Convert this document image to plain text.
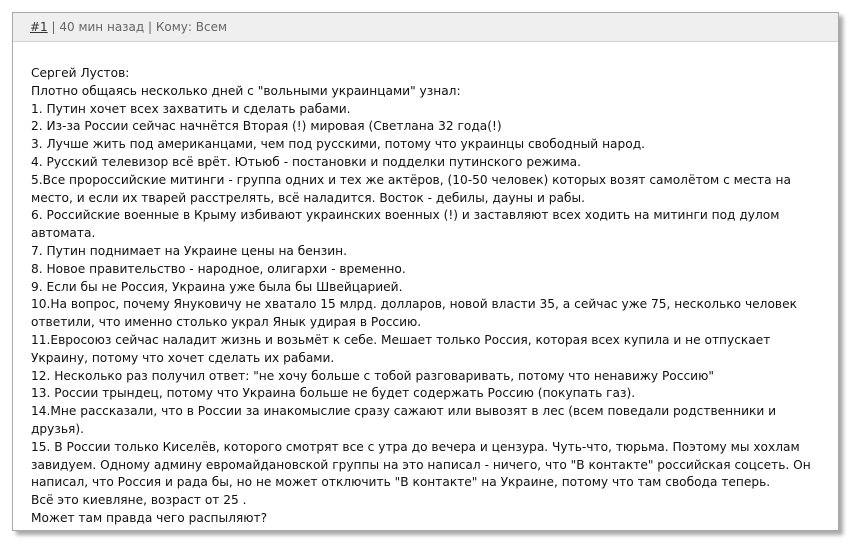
#1 | 40 мин назад | Кому: Всем
Сергей Лустов:
Плотно общаясь несколько дней с "вольными украинцами" узнал:
1. Путин хочет всех захватить и сделать рабами.
2. Из-за России сейчас начнётся Вторая (!) мировая (Светлана 32 года(!)
3. Лучше жить под американцами, чем под русскими, потому что украинцы свободный народ.
4. Русский телевизор всё врёт. Ютьюб - постановки и подделки путинского режима.
5.Все пророссийские митинги - группа одних и тех же актёров, (10-50 человек) которых возят самолётом с места на место, и если их тварей расстрелять, всё наладится. Восток - дебилы, дауны и рабы.
6. Российские военные в Крыму избивают украинских военных (!) и заставляют всех ходить на митинги под дулом автомата.
7. Путин поднимает на Украине цены на бензин.
8. Новое правительство - народное, олигархи - временно.
9. Если бы не Россия, Украина уже была бы Швейцарией.
10.На вопрос, почему Януковичу не хватало 15 млрд. долларов, новой власти 35, а сейчас уже 75, несколько человек ответили, что именно столько украл Янык удирая в Россию.
11.Евросоюз сейчас наладит жизнь и возьмёт к себе. Мешает только Россия, которая всех купила и не отпускает Украину, потому что хочет сделать их рабами.
12. Несколько раз получил ответ: "не хочу больше с тобой разговаривать, потому что ненавижу Россию"
13. России трындец, потому что Украина больше не будет содержать Россию (покупать газ).
14.Мне рассказали, что в России за инакомыслие сразу сажают или вывозят в лес (всем поведали родственники и друзья).
15. В России только Киселёв, которого смотрят все с утра до вечера и цензура. Чуть-что, тюрьма. Поэтому мы хохлам завидуем. Одному админу евромайдановской группы на это написал - ничего, что "В контакте" российская соцсеть. Он написал, что Россия и рада бы, но не может отключить "В контакте" на Украине, потому что там свобода теперь.
Всё это киевляне, возраст от 25 .
Может там правда чего распыляют?
